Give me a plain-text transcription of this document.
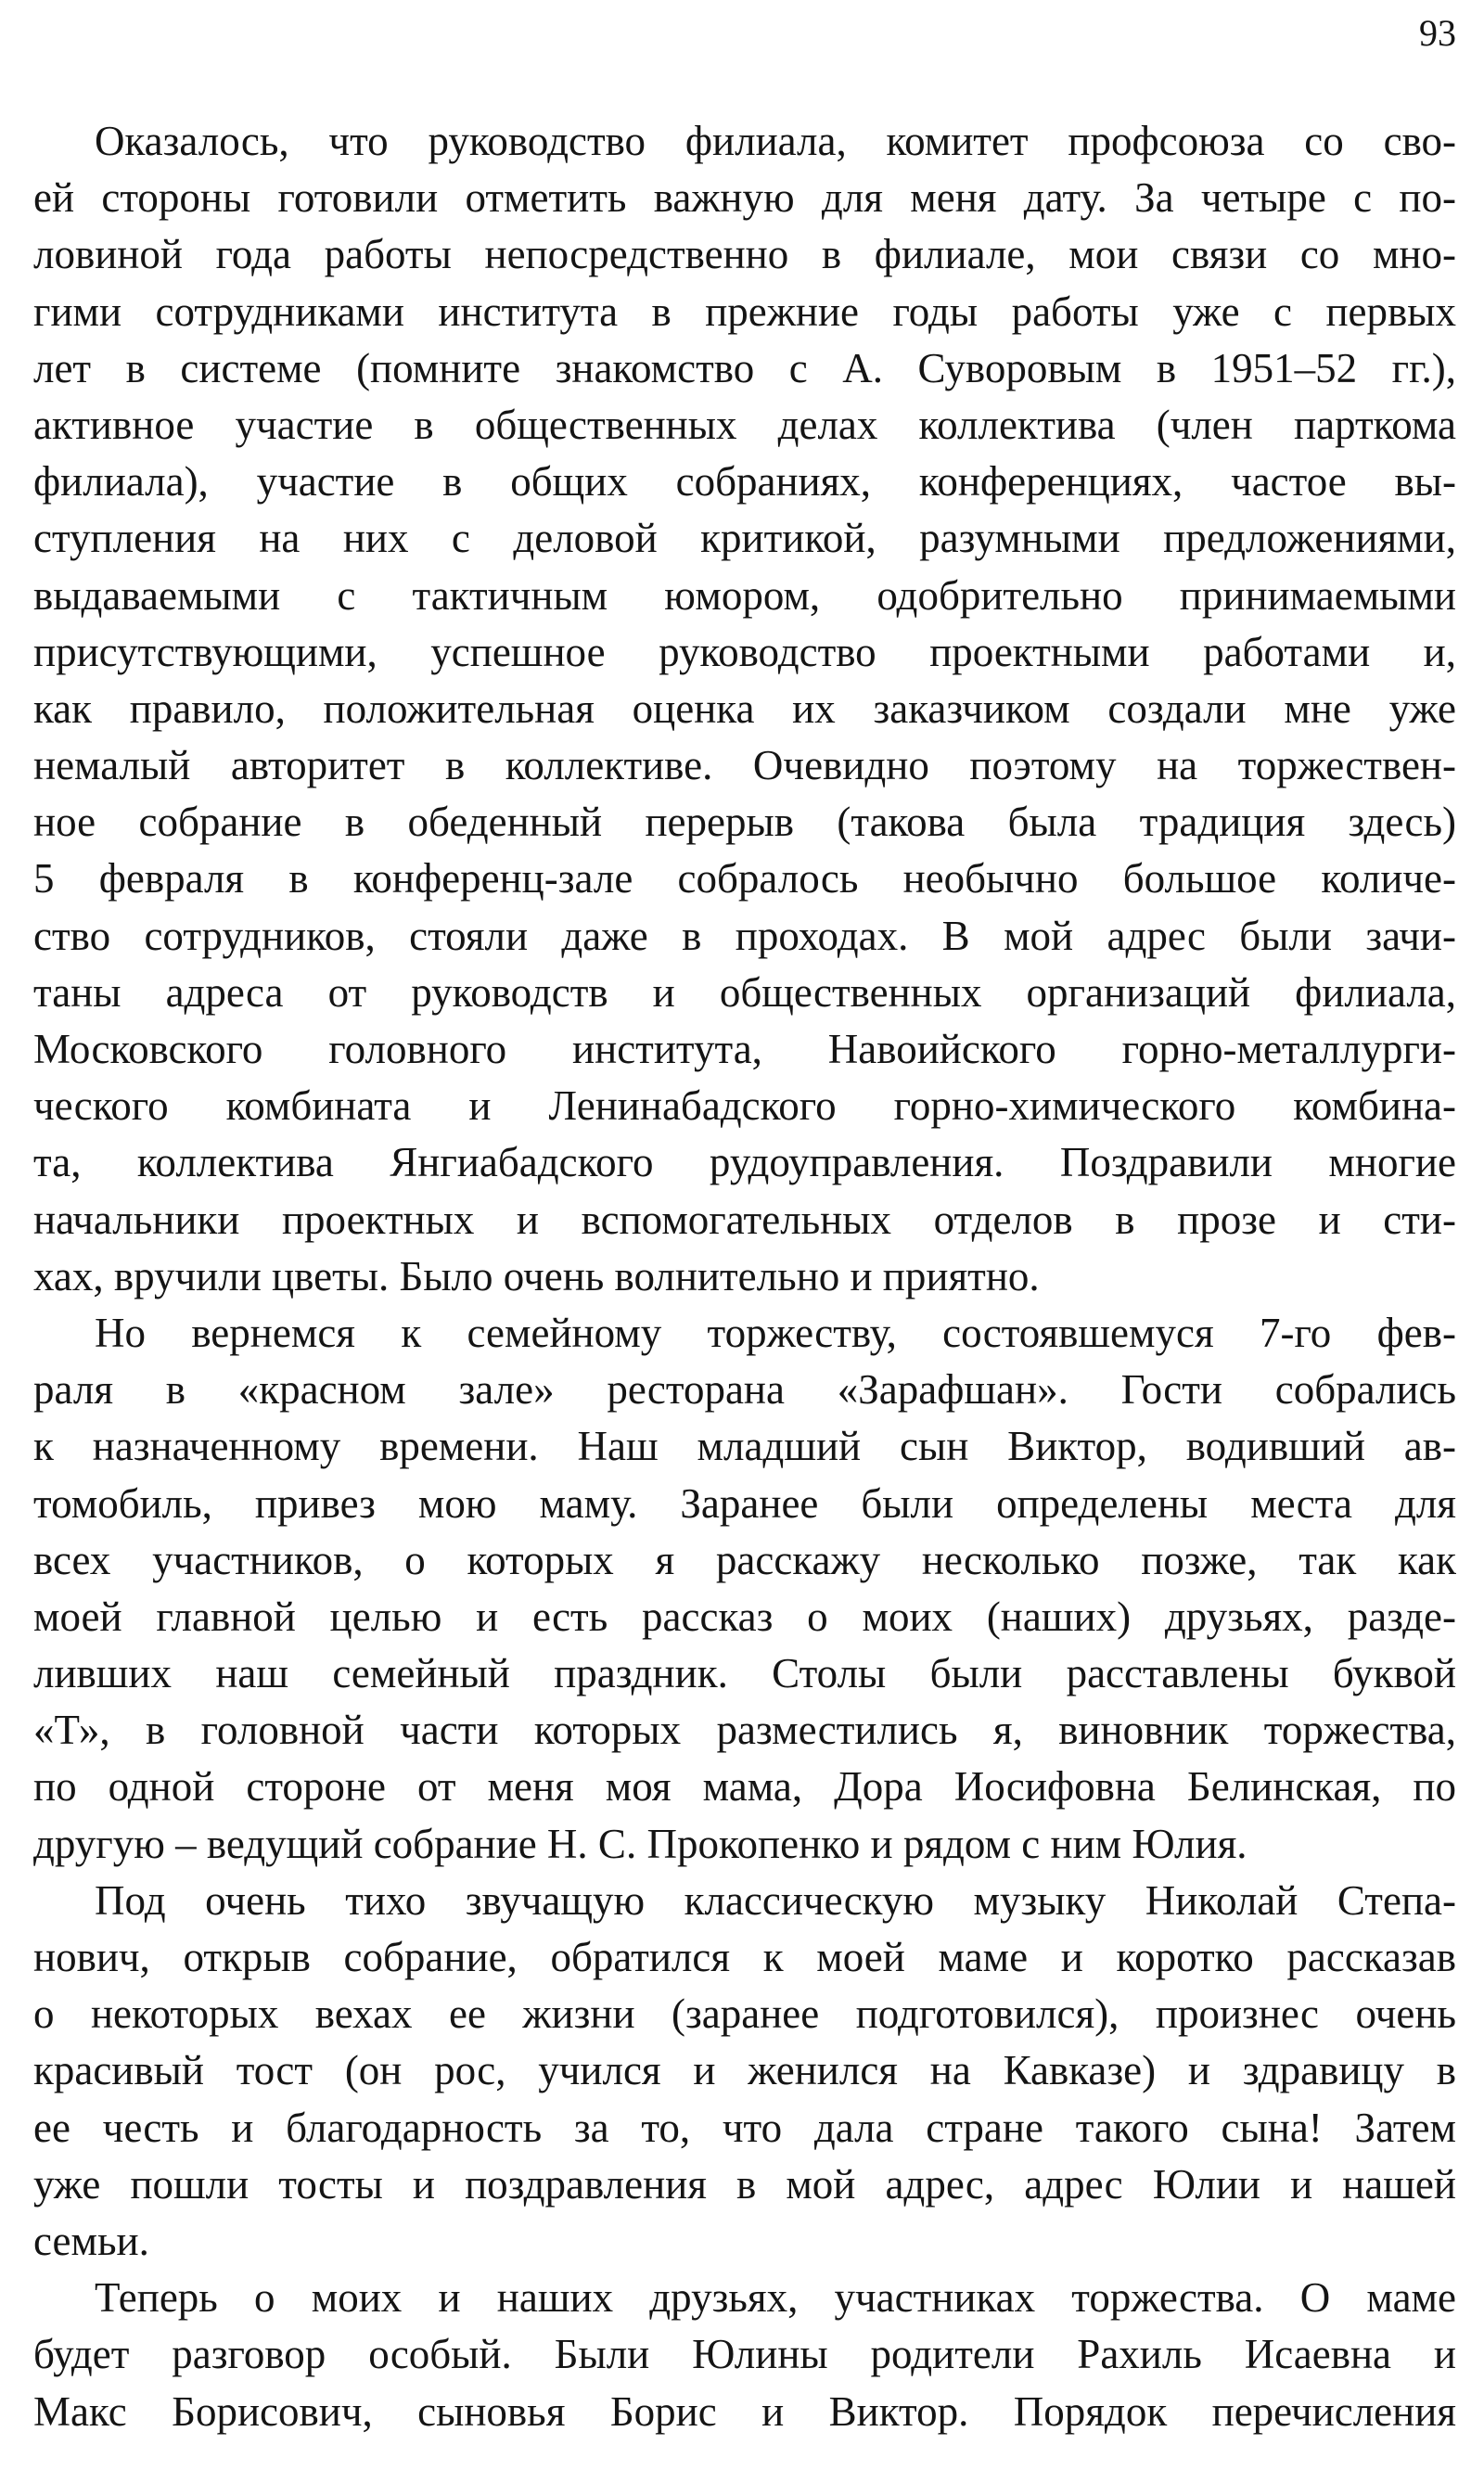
93
Оказалось, что руководство филиала, комитет профсоюза со сво-
ей стороны готовили отметить важную для меня дату. За четыре с по-
ловиной года работы непосредственно в филиале, мои связи со мно-
гими сотрудниками института в прежние годы работы уже с первых
лет в системе (помните знакомство с А. Суворовым в 1951–52 гг.),
активное участие в общественных делах коллектива (член парткома
филиала), участие в общих собраниях, конференциях, частое вы-
ступления на них с деловой критикой, разумными предложениями,
выдаваемыми с тактичным юмором, одобрительно принимаемыми
присутствующими, успешное руководство проектными работами и,
как правило, положительная оценка их заказчиком создали мне уже
немалый авторитет в коллективе. Очевидно поэтому на торжествен-
ное собрание в обеденный перерыв (такова была традиция здесь)
5 февраля в конференц-зале собралось необычно большое количе-
ство сотрудников, стояли даже в проходах. В мой адрес были зачи-
таны адреса от руководств и общественных организаций филиала,
Московского головного института, Навоийского горно-металлурги-
ческого комбината и Ленинабадского горно-химического комбина-
та, коллектива Янгиабадского рудоуправления. Поздравили многие
начальники проектных и вспомогательных отделов в прозе и сти-
хах, вручили цветы. Было очень волнительно и приятно.
Но вернемся к семейному торжеству, состоявшемуся 7-го фев-
раля в «красном зале» ресторана «Зарафшан». Гости собрались
к назначенному времени. Наш младший сын Виктор, водивший ав-
томобиль, привез мою маму. Заранее были определены места для
всех участников, о которых я расскажу несколько позже, так как
моей главной целью и есть рассказ о моих (наших) друзьях, разде-
ливших наш семейный праздник. Столы были расставлены буквой
«Т», в головной части которых разместились я, виновник торжества,
по одной стороне от меня моя мама, Дора Иосифовна Белинская, по
другую – ведущий собрание Н. С. Прокопенко и рядом с ним Юлия.
Под очень тихо звучащую классическую музыку Николай Степа-
нович, открыв собрание, обратился к моей маме и коротко рассказав
о некоторых вехах ее жизни (заранее подготовился), произнес очень
красивый тост (он рос, учился и женился на Кавказе) и здравицу в
ее честь и благодарность за то, что дала стране такого сына! Затем
уже пошли тосты и поздравления в мой адрес, адрес Юлии и нашей
семьи.
Теперь о моих и наших друзьях, участниках торжества. О маме
будет разговор особый. Были Юлины родители Рахиль Исаевна и
Макс Борисович, сыновья Борис и Виктор. Порядок перечисления
